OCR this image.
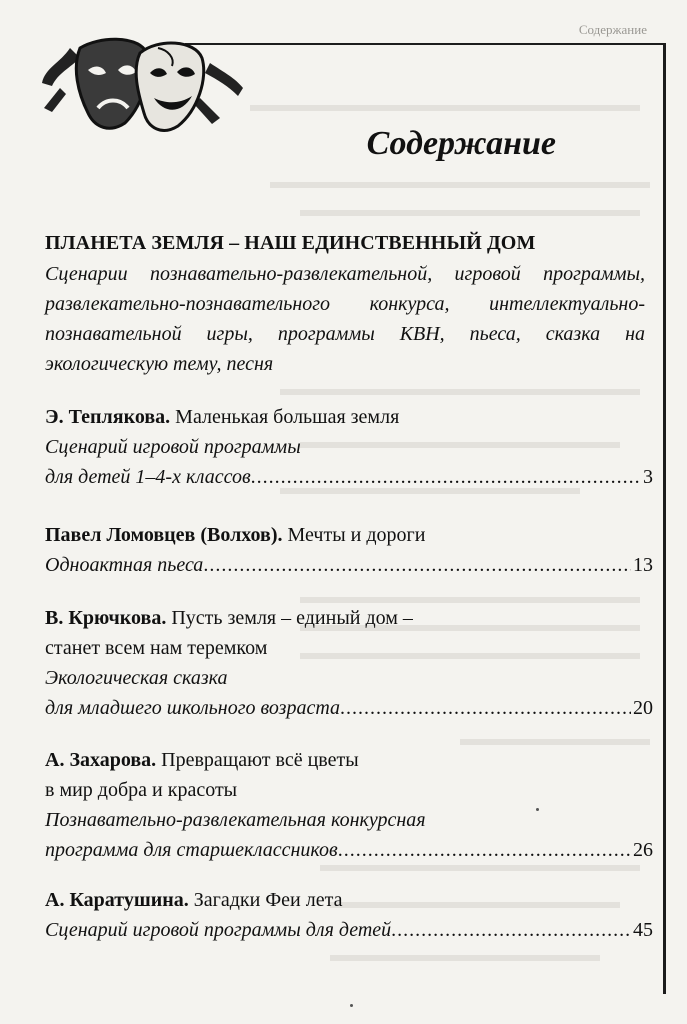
Содержание
Содержание
ПЛАНЕТА ЗЕМЛЯ – НАШ ЕДИНСТВЕННЫЙ ДОМ
Сценарии познавательно-развлекательной, игровой программы, развлекательно-познавательного конкурса, интеллектуально-познавательной игры, программы КВН, пьеса, сказка на экологическую тему, песня
Э. Теплякова. Маленькая большая земля
Сценарий игровой программы
для детей 1–4-х классов .....	3
Павел Ломовцев (Волхов). Мечты и дороги
Одноактная пьеса .....	13
В. Крючкова. Пусть земля – единый дом –
станет всем нам теремком
Экологическая сказка
для младшего школьного возраста .....	20
А. Захарова. Превращают всё цветы
в мир добра и красоты
Познавательно-развлекательная конкурсная
программа для старшеклассников .....	26
А. Каратушина. Загадки Феи лета
Сценарий игровой программы для детей .....	45
